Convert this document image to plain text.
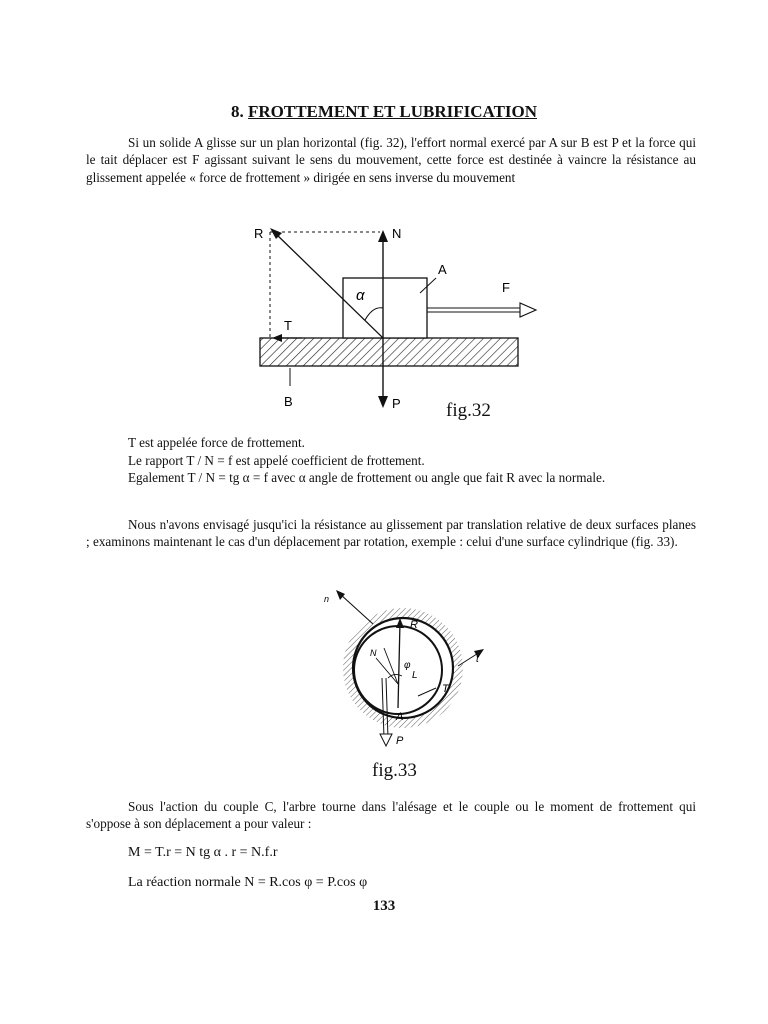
8. FROTTEMENT ET LUBRIFICATION

Si un solide A glisse sur un plan horizontal (fig. 32), l'effort normal exercé par A sur B est P et la force qui le tait déplacer est F agissant suivant le sens du mouvement, cette force est destinée à vaincre la résistance au glissement appelée « force de frottement » dirigée en sens inverse du mouvement

R	N
A
F
T
α
B	P fig.32
T est appelée force de frottement.
Le rapport T / N = f est appelé coefficient de frottement.

Egalement T / N = tg α = f avec α angle de frottement ou angle que fait R avec la normale.

Nous n'avons envisagé jusqu'ici la résistance au glissement par translation relative de deux surfaces planes ; examinons maintenant le cas d'un déplacement par rotation, exemple : celui d'une surface cylindrique (fig. 33).

n
R
t
T
A
P
N
φ
L
fig.33

Sous l'action du couple C, l'arbre tourne dans l'alésage et le couple ou le moment de frottement qui s'oppose à son déplacement a pour valeur :

M = T.r = N tg α . r = N.f.r
La réaction normale N = R.cos φ = P.cos φ
133
